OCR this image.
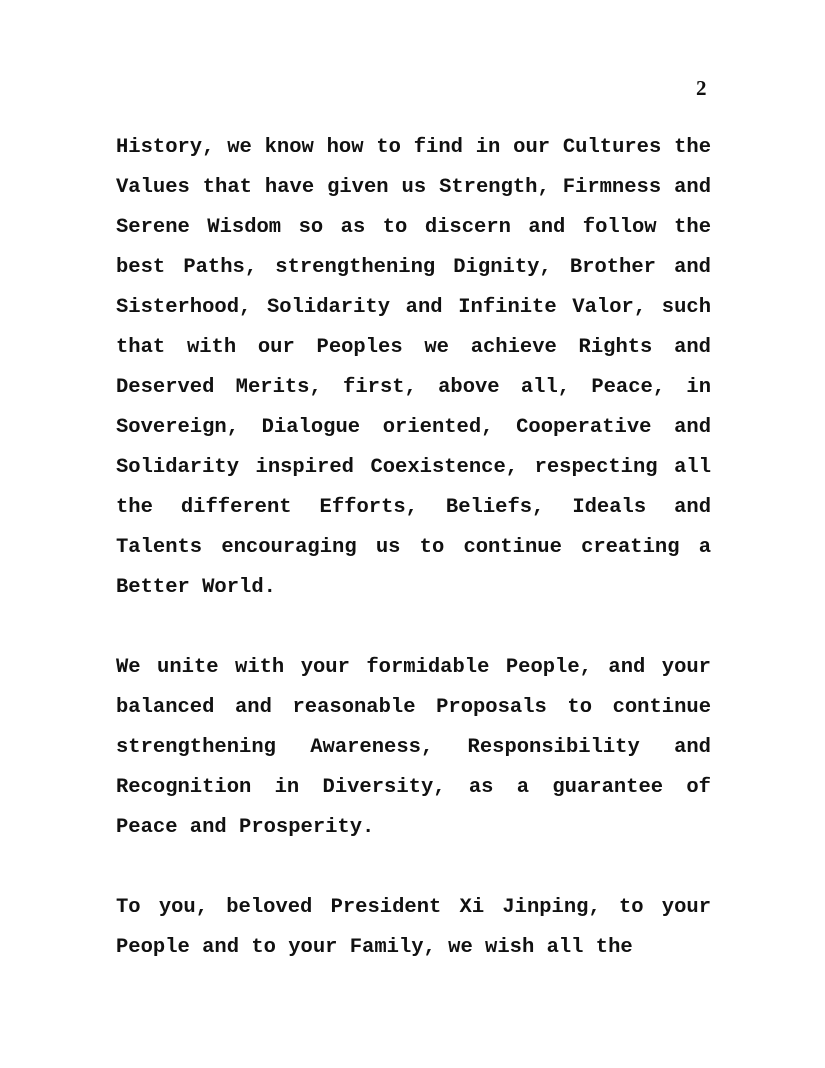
2

History, we know how to find in our Cultures the Values that have given us Strength, Firmness and Serene Wisdom so as to discern and follow the best Paths, strengthening Dignity, Brother and Sisterhood, Solidarity and Infinite Valor, such that with our Peoples we achieve Rights and Deserved Merits, first, above all, Peace, in Sovereign, Dialogue oriented, Cooperative and Solidarity inspired Coexistence, respecting all the different Efforts, Beliefs, Ideals and Talents encouraging us to continue creating a Better World.

We unite with your formidable People, and your balanced and reasonable Proposals to continue strengthening Awareness, Responsibility and Recognition in Diversity, as a guarantee of Peace and Prosperity.

To you, beloved President Xi Jinping, to your People and to your Family, we wish all the
